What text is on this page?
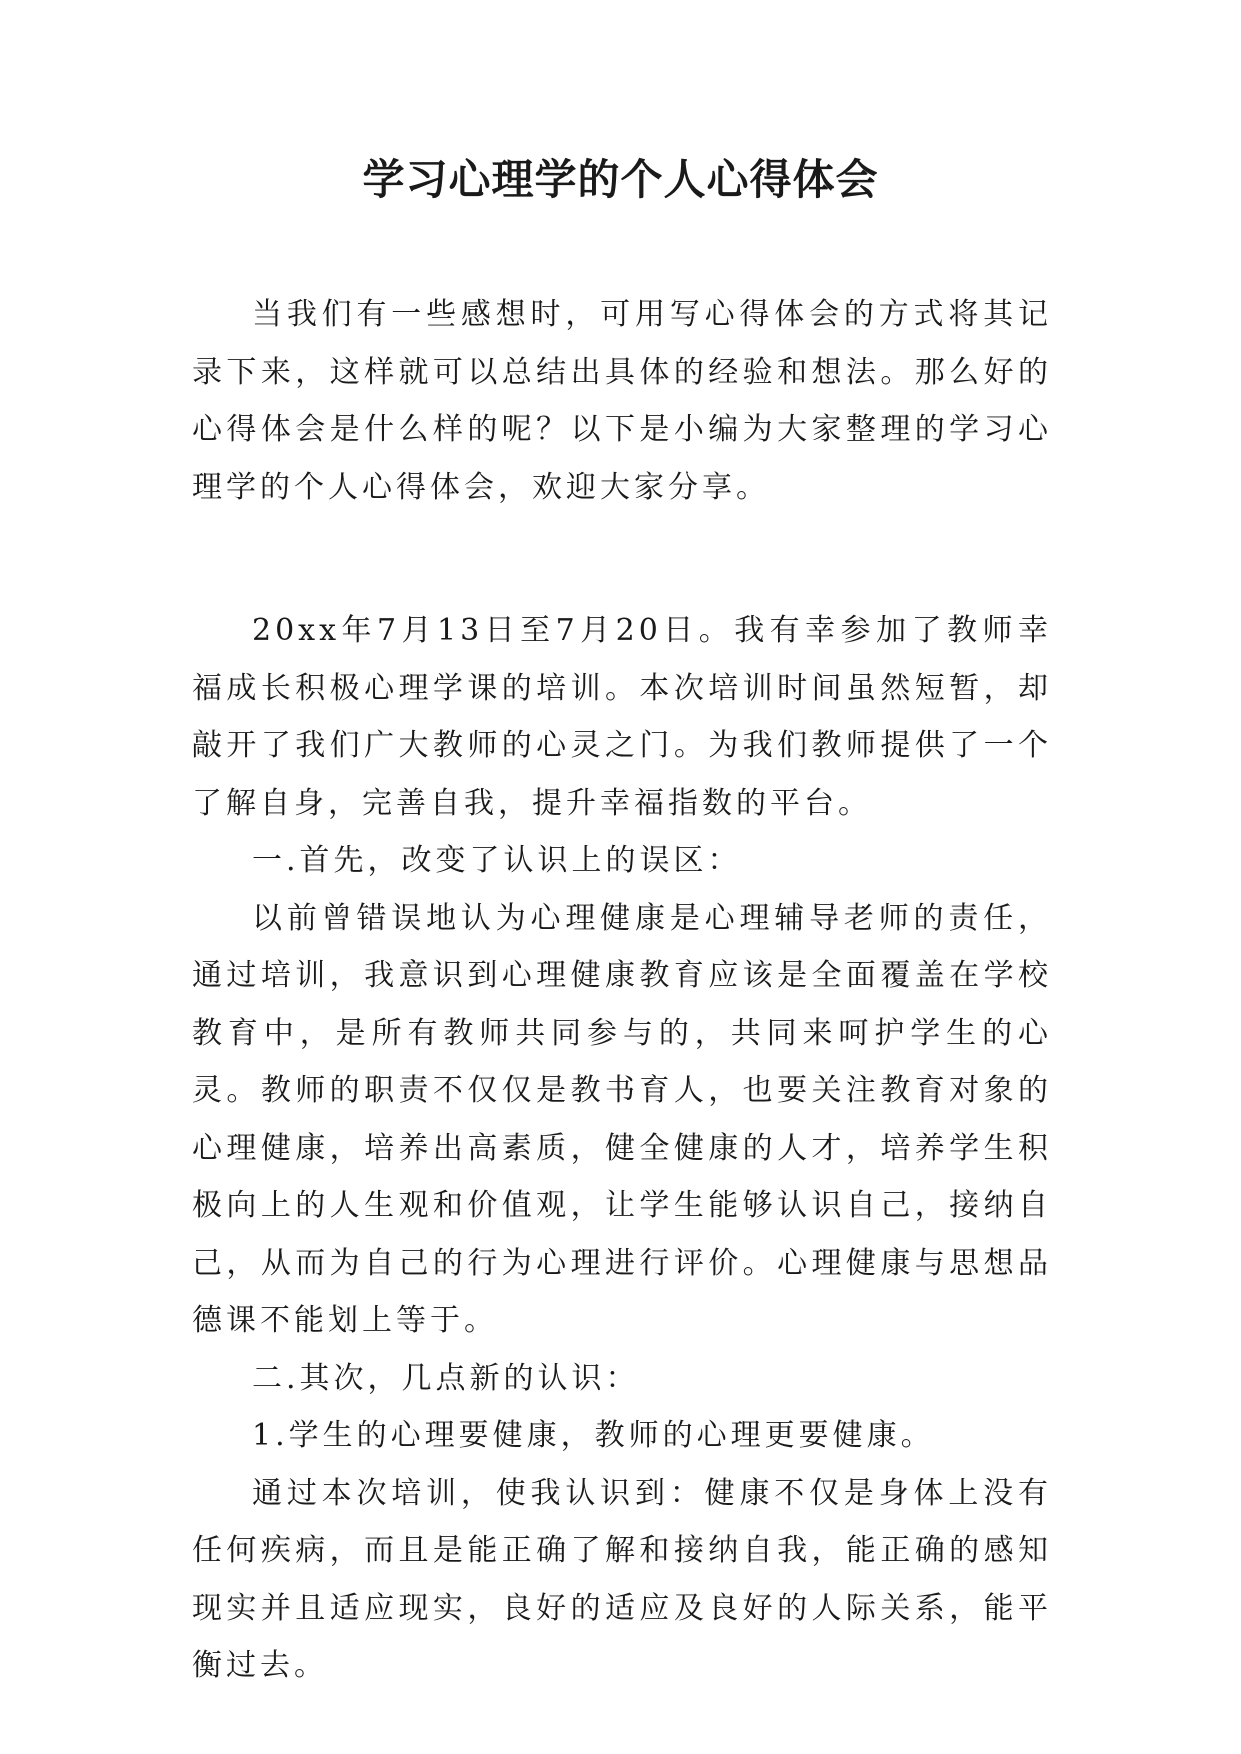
学习心理学的个人心得体会

当我们有一些感想时，可用写心得体会的方式将其记录下来，这样就可以总结出具体的经验和想法。那么好的心得体会是什么样的呢？以下是小编为大家整理的学习心理学的个人心得体会，欢迎大家分享。

20xx年7月13日至7月20日。我有幸参加了教师幸福成长积极心理学课的培训。本次培训时间虽然短暂，却敲开了我们广大教师的心灵之门。为我们教师提供了一个了解自身，完善自我，提升幸福指数的平台。

一.首先，改变了认识上的误区：

以前曾错误地认为心理健康是心理辅导老师的责任，通过培训，我意识到心理健康教育应该是全面覆盖在学校教育中，是所有教师共同参与的，共同来呵护学生的心灵。教师的职责不仅仅是教书育人，也要关注教育对象的心理健康，培养出高素质，健全健康的人才，培养学生积极向上的人生观和价值观，让学生能够认识自己，接纳自己，从而为自己的行为心理进行评价。心理健康与思想品德课不能划上等于。

二.其次，几点新的认识：

1.学生的心理要健康，教师的心理更要健康。

通过本次培训，使我认识到：健康不仅是身体上没有任何疾病，而且是能正确了解和接纳自我，能正确的感知现实并且适应现实，良好的适应及良好的人际关系，能平衡过去。
